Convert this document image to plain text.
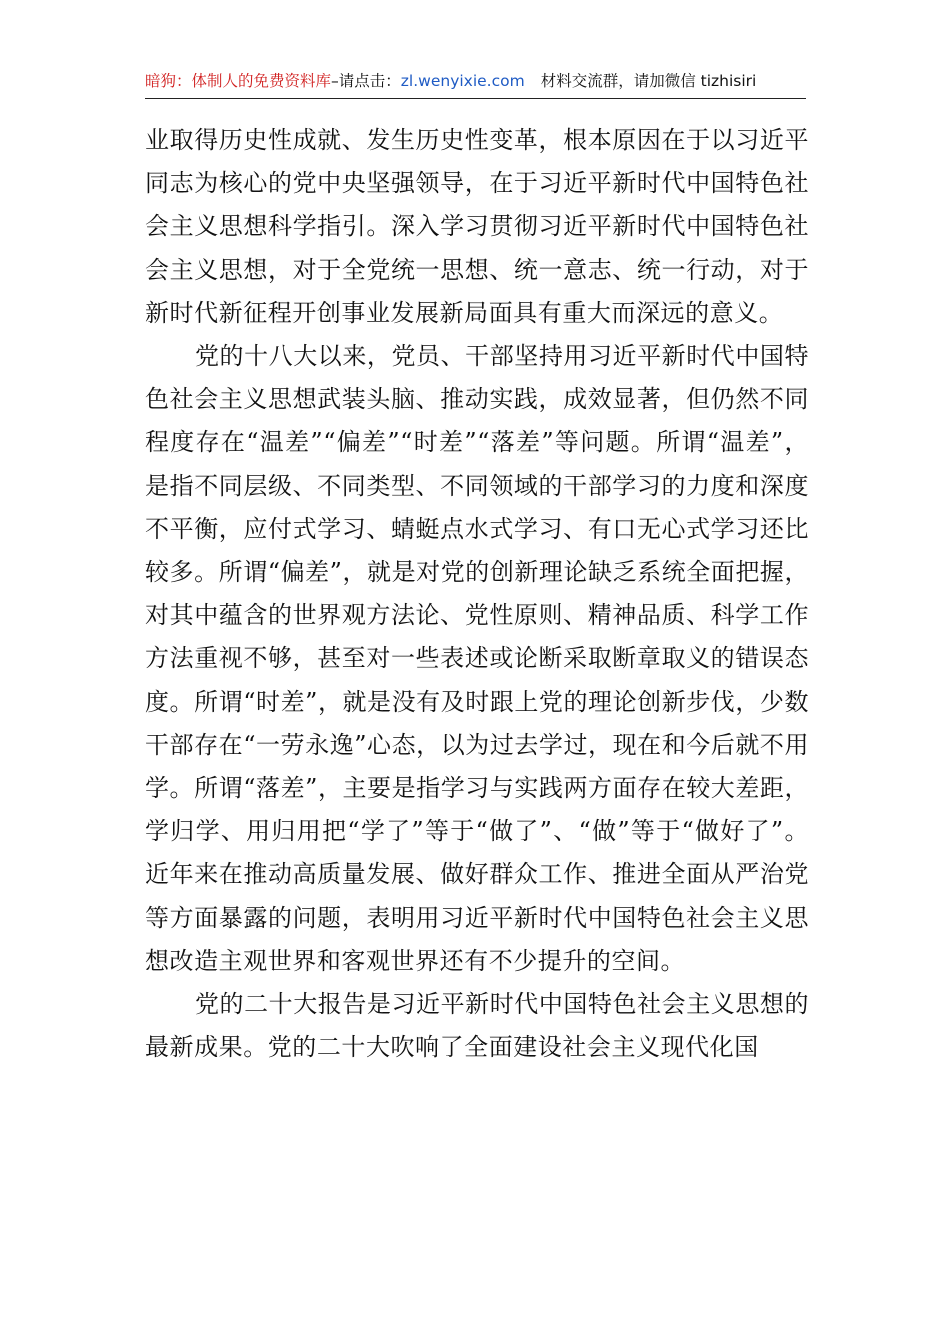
暗狗：体制人的免费资料库–请点击：zl.wenyixie.com 材料交流群，请加微信 tizhisiri

业取得历史性成就、发生历史性变革，根本原因在于以习近平同志为核心的党中央坚强领导，在于习近平新时代中国特色社会主义思想科学指引。深入学习贯彻习近平新时代中国特色社会主义思想，对于全党统一思想、统一意志、统一行动，对于新时代新征程开创事业发展新局面具有重大而深远的意义。

党的十八大以来，党员、干部坚持用习近平新时代中国特色社会主义思想武装头脑、推动实践，成效显著，但仍然不同程度存在“温差”“偏差”“时差”“落差”等问题。所谓“温差”，是指不同层级、不同类型、不同领域的干部学习的力度和深度不平衡，应付式学习、蜻蜓点水式学习、有口无心式学习还比较多。所谓“偏差”，就是对党的创新理论缺乏系统全面把握，对其中蕴含的世界观方法论、党性原则、精神品质、科学工作方法重视不够，甚至对一些表述或论断采取断章取义的错误态度。所谓“时差”，就是没有及时跟上党的理论创新步伐，少数干部存在“一劳永逸”心态，以为过去学过，现在和今后就不用学。所谓“落差”，主要是指学习与实践两方面存在较大差距，学归学、用归用把“学了”等于“做了”、“做”等于“做好了”。近年来在推动高质量发展、做好群众工作、推进全面从严治党等方面暴露的问题，表明用习近平新时代中国特色社会主义思想改造主观世界和客观世界还有不少提升的空间。

党的二十大报告是习近平新时代中国特色社会主义思想的最新成果。党的二十大吹响了全面建设社会主义现代化国
